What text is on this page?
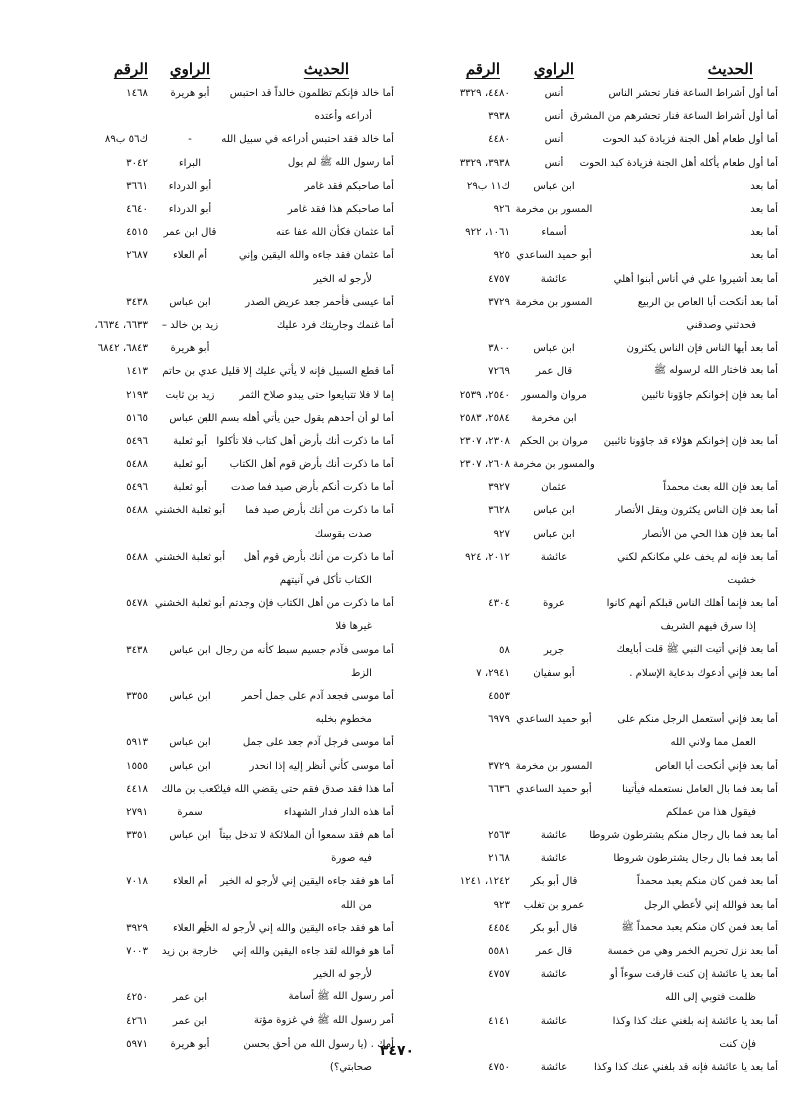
الحديث
الراوي
الرقم
أما أول أشراط الساعة فنار تحشر الناس
أنس
٤٤٨٠، ٣٣٢٩
أما أول أشراط الساعة فنار تحشرهم من المشرق
أنس
٣٩٣٨
أما أول طعام أهل الجنة فزيادة كبد الحوت
أنس
٤٤٨٠
أما أول طعام يأكله أهل الجنة فزيادة كبد الحوت
أنس
٣٩٣٨، ٣٣٢٩
أما بعد
ابن عباس
ك١١ ب٢٩
أما بعد
المسور بن مخرمة
٩٢٦
أما بعد
أسماء
١٠٦١، ٩٢٢
أما بعد
أبو حميد الساعدي
٩٢٥
أما بعد أشيروا علي في أناس أبنوا أهلي
عائشة
٤٧٥٧
أما بعد أنكحت أبا العاص بن الربيع
المسور بن مخرمة
٣٧٢٩
فحدثني وصدقني
أما بعد أيها الناس فإن الناس يكثرون
ابن عباس
٣٨٠٠
أما بعد فاختار الله لرسوله ﷺ
قال عمر
٧٢٦٩
أما بعد فإن إخوانكم جاؤونا تائبين
مروان والمسور
٢٥٤٠، ٢٥٣٩
ابن مخرمة
٢٥٨٤، ٢٥٨٣
أما بعد فإن إخوانكم هؤلاء قد جاؤونا تائبين
مروان بن الحكم
٢٣٠٨، ٢٣٠٧
والمسور بن مخرمة
٢٦٠٨، ٢٣٠٧
أما بعد فإن الله بعث محمداً
عثمان
٣٩٢٧
أما بعد فإن الناس يكثرون ويقل الأنصار
ابن عباس
٣٦٢٨
أما بعد فإن هذا الحي من الأنصار
ابن عباس
٩٢٧
أما بعد فإنه لم يخف علي مكانكم لكني
عائشة
٢٠١٢، ٩٢٤
خشيت
أما بعد فإنما أهلك الناس قبلكم أنهم كانوا
عروة
٤٣٠٤
إذا سرق فيهم الشريف
أما بعد فإني أتيت النبي ﷺ قلت أبايعك
جرير
٥٨
أما بعد فإني أدعوك بدعاية الإسلام .
أبو سفيان
٢٩٤١، ٧
٤٥٥٣
أما بعد فإني أستعمل الرجل منكم على
أبو حميد الساعدي
٦٩٧٩
العمل مما ولاني الله
أما بعد فإني أنكحت أبا العاص
المسور بن مخرمة
٣٧٢٩
أما بعد فما بال العامل نستعمله فيأتينا
أبو حميد الساعدي
٦٦٣٦
فيقول هذا من عملكم
أما بعد فما بال رجال منكم يشترطون شروطا
عائشة
٢٥٦٣
أما بعد فما بال رجال يشترطون شروطا
عائشة
٢١٦٨
أما بعد فمن كان منكم يعبد محمداً
قال أبو بكر
١٢٤٢، ١٢٤١
أما بعد فوالله إني لأعطي الرجل
عمرو بن تغلب
٩٢٣
أما بعد فمن كان منكم يعبد محمداً ﷺ
قال أبو بكر
٤٤٥٤
أما بعد نزل تحريم الخمر وهي من خمسة
قال عمر
٥٥٨١
أما بعد يا عائشة إن كنت قارفت سوءاً أو
عائشة
٤٧٥٧
ظلمت فتوبي إلى الله
أما بعد يا عائشة إنه بلغني عنك كذا وكذا
عائشة
٤١٤١
فإن كنت
أما بعد يا عائشة فإنه قد بلغني عنك كذا وكذا
عائشة
٤٧٥٠
الحديث
الراوي
الرقم
أما خالد فإنكم تظلمون خالداً قد احتبس
أبو هريرة
١٤٦٨
أدراعه وأعتده
أما خالد فقد احتبس أدراعه في سبيل الله
-
ك٥٦ ب٨٩
أما رسول الله ﷺ لم يول
البراء
٣٠٤٢
أما صاحبكم فقد غامر
أبو الدرداء
٣٦٦١
أما صاحبكم هذا فقد غامر
أبو الدرداء
٤٦٤٠
أما عثمان فكأن الله عفا عنه
قال ابن عمر
٤٥١٥
أما عثمان فقد جاءه والله اليقين وإني
أم العلاء
٢٦٨٧
لأرجو له الخير
أما عيسى فأحمر جعد عريض الصدر
ابن عباس
٣٤٣٨
أما غنمك وجاريتك فرد عليك
زيد بن خالد –
٦٦٣٣، ٦٦٣٤،
أبو هريرة
٦٨٤٣، ٦٨٤٢
أما قطع السبيل فإنه لا يأتي عليك إلا قليل
عدي بن حاتم
١٤١٣
إما لا فلا تتبايعوا حتى يبدو صلاح الثمر
زيد بن ثابت
٢١٩٣
أما لو أن أحدهم يقول حين يأتي أهله بسم الله
ابن عباس
٥١٦٥
أما ما ذكرت أنك بأرض أهل كتاب فلا تأكلوا
أبو ثعلبة
٥٤٩٦
أما ما ذكرت أنك بأرض قوم أهل الكتاب
أبو ثعلبة
٥٤٨٨
أما ما ذكرت أنكم بأرض صيد فما صدت
أبو ثعلبة
٥٤٩٦
أما ما ذكرت من أنك بأرض صيد فما
أبو ثعلبة الخشني
٥٤٨٨
صدت بقوسك
أما ما ذكرت من أنك بأرض قوم أهل
أبو ثعلبة الخشني
٥٤٨٨
الكتاب تأكل في آنيتهم
أما ما ذكرت من أهل الكتاب فإن وجدتم
أبو ثعلبة الخشني
٥٤٧٨
غيرها فلا
أما موسى فآدم جسيم سبط كأنه من رجال
ابن عباس
٣٤٣٨
الزط
أما موسى فجعد آدم على جمل أحمر
ابن عباس
٣٣٥٥
مخطوم بخلبه
أما موسى فرجل آدم جعد على جمل
ابن عباس
٥٩١٣
أما موسى كأني أنظر إليه إذا انحدر
ابن عباس
١٥٥٥
أما هذا فقد صدق فقم حتى يقضي الله فيك
كعب بن مالك
٤٤١٨
أما هذه الدار فدار الشهداء
سمرة
٢٧٩١
أما هم فقد سمعوا أن الملائكة لا تدخل بيتاً
ابن عباس
٣٣٥١
فيه صورة
أما هو فقد جاءه اليقين إني لأرجو له الخير
أم العلاء
٧٠١٨
من الله
أما هو فقد جاءه اليقين والله إني لأرجو له الخير
أم العلاء
٣٩٢٩
أما هو فوالله لقد جاءه اليقين والله إني
خارجة بن زيد
٧٠٠٣
لأرجو له الخير
أمر رسول الله ﷺ أسامة
ابن عمر
٤٢٥٠
أمر رسول الله ﷺ في غزوة مؤتة
ابن عمر
٤٢٦١
أمك . (يا رسول الله من أحق بحسن
أبو هريرة
٥٩٧١
صحابتي؟)
٣٤٧٠
